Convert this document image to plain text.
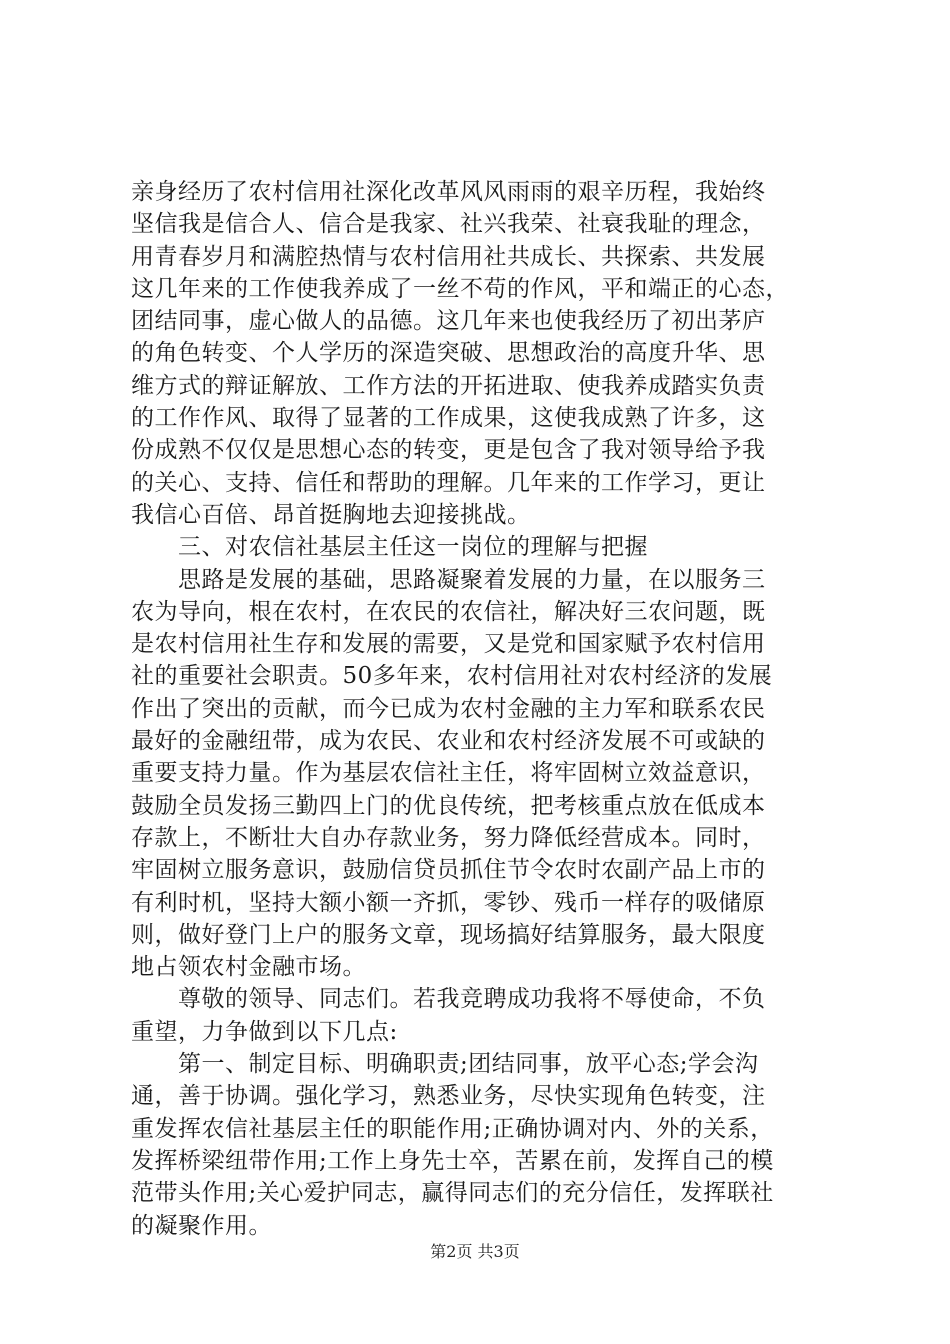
亲身经历了农村信用社深化改革风风雨雨的艰辛历程，我始终
坚信我是信合人、信合是我家、社兴我荣、社衰我耻的理念，
用青春岁月和满腔热情与农村信用社共成长、共探索、共发展
这几年来的工作使我养成了一丝不苟的作风，平和端正的心态，
团结同事，虚心做人的品德。这几年来也使我经历了初出茅庐
的角色转变、个人学历的深造突破、思想政治的高度升华、思
维方式的辩证解放、工作方法的开拓进取、使我养成踏实负责
的工作作风、取得了显著的工作成果，这使我成熟了许多，这
份成熟不仅仅是思想心态的转变，更是包含了我对领导给予我
的关心、支持、信任和帮助的理解。几年来的工作学习，更让
我信心百倍、昂首挺胸地去迎接挑战。
　　三、对农信社基层主任这一岗位的理解与把握
　　思路是发展的基础，思路凝聚着发展的力量，在以服务三
农为导向，根在农村，在农民的农信社，解决好三农问题，既
是农村信用社生存和发展的需要，又是党和国家赋予农村信用
社的重要社会职责。50多年来，农村信用社对农村经济的发展
作出了突出的贡献，而今已成为农村金融的主力军和联系农民
最好的金融纽带，成为农民、农业和农村经济发展不可或缺的
重要支持力量。作为基层农信社主任，将牢固树立效益意识，
鼓励全员发扬三勤四上门的优良传统，把考核重点放在低成本
存款上，不断壮大自办存款业务，努力降低经营成本。同时，
牢固树立服务意识，鼓励信贷员抓住节令农时农副产品上市的
有利时机，坚持大额小额一齐抓，零钞、残币一样存的吸储原
则，做好登门上户的服务文章，现场搞好结算服务，最大限度
地占领农村金融市场。
　　尊敬的领导、同志们。若我竞聘成功我将不辱使命，不负
重望，力争做到以下几点:
　　第一、制定目标、明确职责;团结同事，放平心态;学会沟
通，善于协调。强化学习，熟悉业务，尽快实现角色转变，注
重发挥农信社基层主任的职能作用;正确协调对内、外的关系，
发挥桥梁纽带作用;工作上身先士卒，苦累在前，发挥自己的模
范带头作用;关心爱护同志，赢得同志们的充分信任，发挥联社
的凝聚作用。
第2页 共3页
